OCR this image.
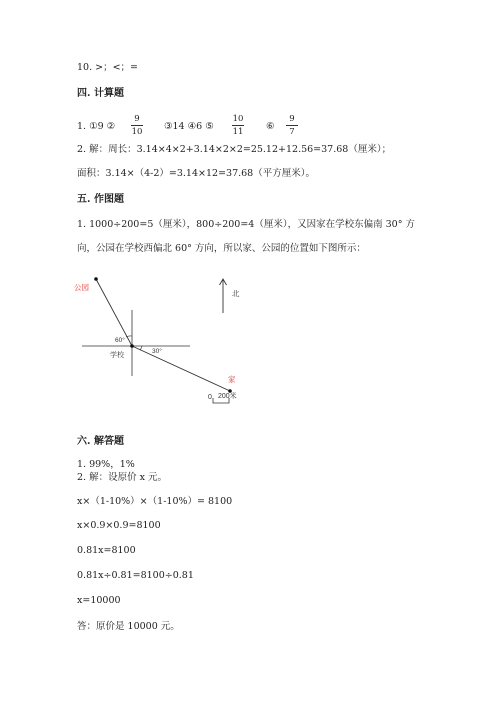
10. >；<；=
四. 计算题
1. ①9 ②
9
10 ③14 ④6 ⑤
10
11 ⑥
9
7
2. 解：周长：3.14×4×2+3.14×2×2=25.12+12.56=37.68（厘米）；
面积：3.14×（4-2）=3.14×12=37.68（平方厘米）。
五. 作图题
1. 1000÷200=5（厘米），800÷200=4（厘米），又因家在学校东偏南 30° 方
向，公园在学校西偏北 60° 方向，所以家、公园的位置如下图所示：
公园
学校
家
60°
30°
北
0 200米
六. 解答题
1. 99%，1%
2. 解：设原价 x 元。
x×（1-10%）×（1-10%）= 8100
x×0.9×0.9=8100
0.81x=8100
0.81x÷0.81=8100÷0.81
x=10000
答：原价是 10000 元。
